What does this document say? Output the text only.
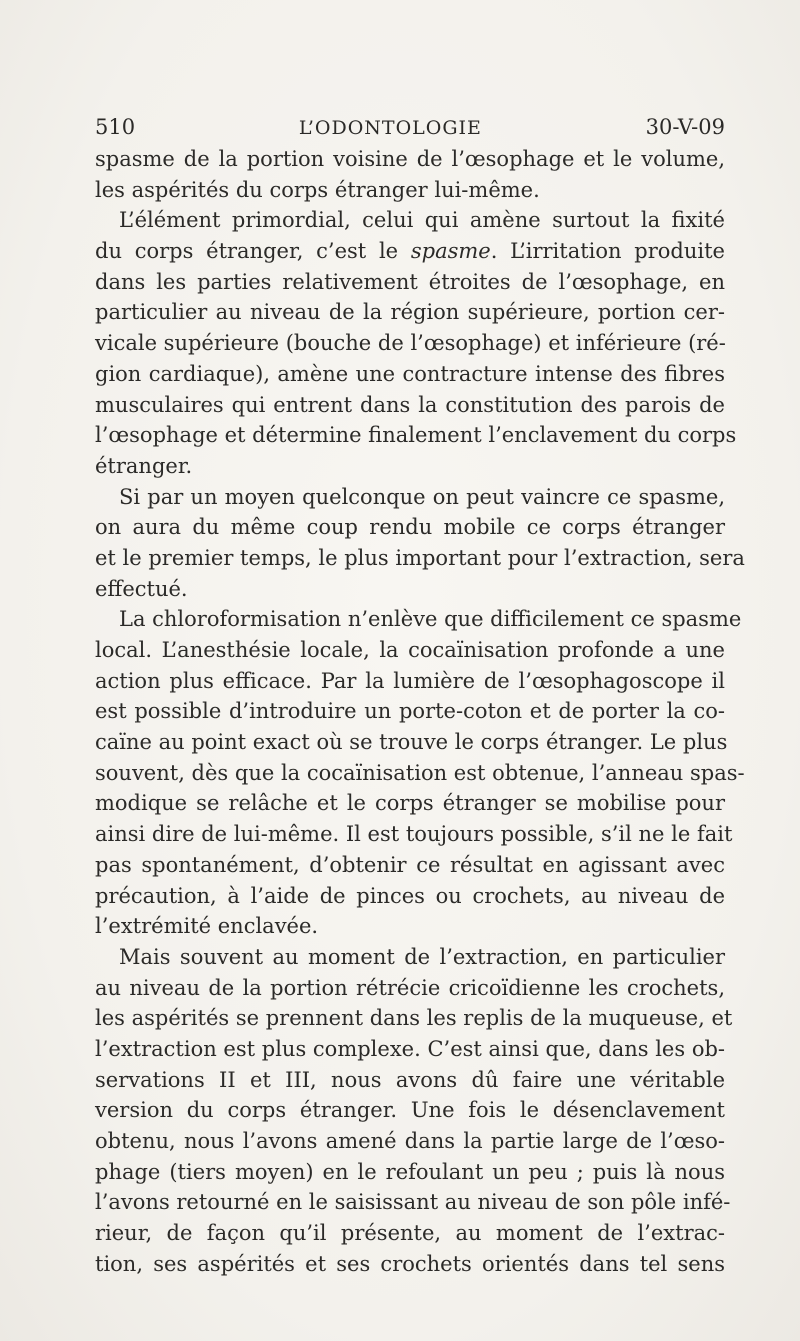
510	L’ODONTOLOGIE	30-V-09
spasme de la portion voisine de l’œsophage et le volume,
les aspérités du corps étranger lui-même.
L’élément primordial, celui qui amène surtout la fixité
du corps étranger, c’est le spasme. L’irritation produite
dans les parties relativement étroites de l’œsophage, en
particulier au niveau de la région supérieure, portion cer-
vicale supérieure (bouche de l’œsophage) et inférieure (ré-
gion cardiaque), amène une contracture intense des fibres
musculaires qui entrent dans la constitution des parois de
l’œsophage et détermine finalement l’enclavement du corps
étranger.
Si par un moyen quelconque on peut vaincre ce spasme,
on aura du même coup rendu mobile ce corps étranger
et le premier temps, le plus important pour l’extraction, sera
effectué.
La chloroformisation n’enlève que difficilement ce spasme
local. L’anesthésie locale, la cocaïnisation profonde a une
action plus efficace. Par la lumière de l’œsophagoscope il
est possible d’introduire un porte-coton et de porter la co-
caïne au point exact où se trouve le corps étranger. Le plus
souvent, dès que la cocaïnisation est obtenue, l’anneau spas-
modique se relâche et le corps étranger se mobilise pour
ainsi dire de lui-même. Il est toujours possible, s’il ne le fait
pas spontanément, d’obtenir ce résultat en agissant avec
précaution, à l’aide de pinces ou crochets, au niveau de
l’extrémité enclavée.
Mais souvent au moment de l’extraction, en particulier
au niveau de la portion rétrécie cricoïdienne les crochets,
les aspérités se prennent dans les replis de la muqueuse, et
l’extraction est plus complexe. C’est ainsi que, dans les ob-
servations II et III, nous avons dû faire une véritable
version du corps étranger. Une fois le désenclavement
obtenu, nous l’avons amené dans la partie large de l’œso-
phage (tiers moyen) en le refoulant un peu ; puis là nous
l’avons retourné en le saisissant au niveau de son pôle infé-
rieur, de façon qu’il présente, au moment de l’extrac-
tion, ses aspérités et ses crochets orientés dans tel sens
